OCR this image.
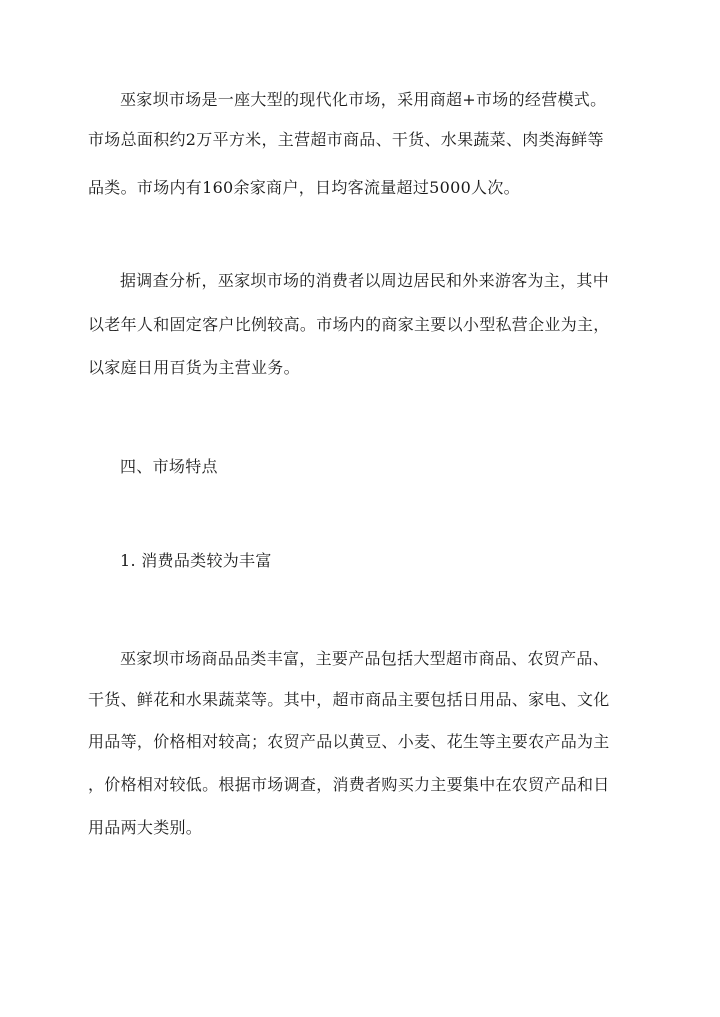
巫家坝市场是一座大型的现代化市场，采用商超+市场的经营模式。
市场总面积约2万平方米，主营超市商品、干货、水果蔬菜、肉类海鲜等
品类。市场内有160余家商户，日均客流量超过5000人次。
据调查分析，巫家坝市场的消费者以周边居民和外来游客为主，其中
以老年人和固定客户比例较高。市场内的商家主要以小型私营企业为主，
以家庭日用百货为主营业务。
四、市场特点
1. 消费品类较为丰富
巫家坝市场商品品类丰富，主要产品包括大型超市商品、农贸产品、
干货、鲜花和水果蔬菜等。其中，超市商品主要包括日用品、家电、文化
用品等，价格相对较高；农贸产品以黄豆、小麦、花生等主要农产品为主
，价格相对较低。根据市场调查，消费者购买力主要集中在农贸产品和日
用品两大类别。
